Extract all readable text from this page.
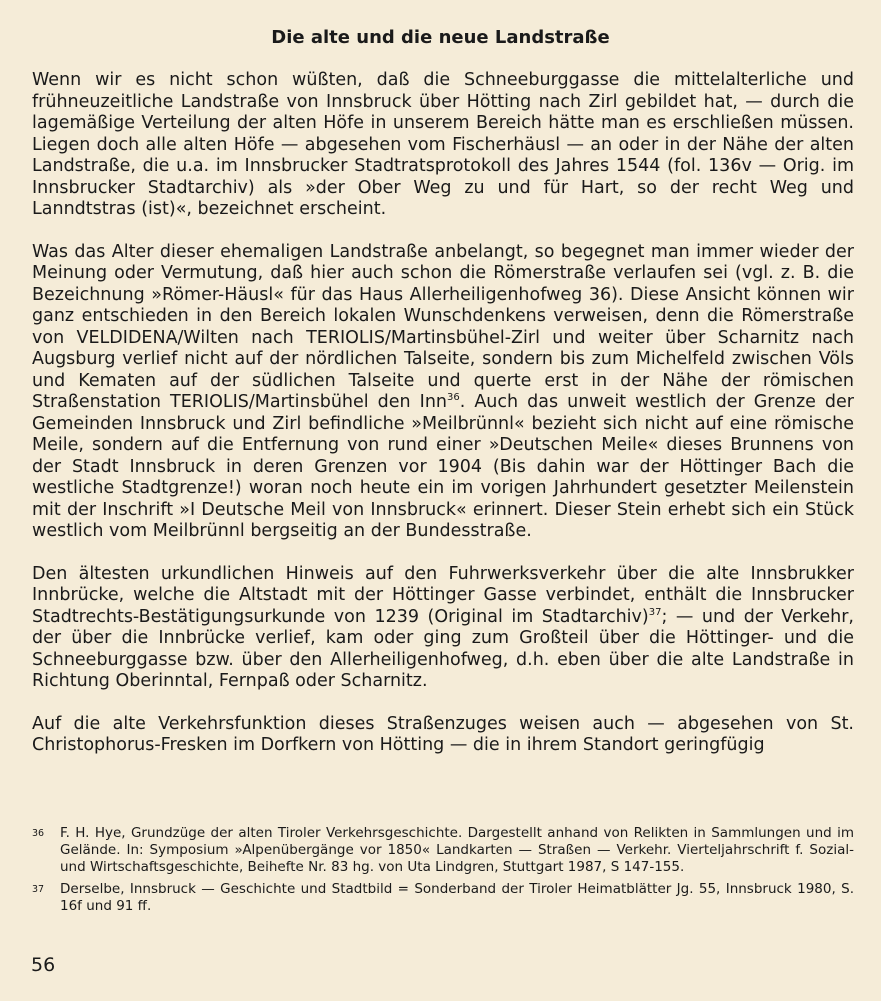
Die alte und die neue Landstraße

Wenn wir es nicht schon wüßten, daß die Schneeburggasse die mittelalterliche und frühneuzeitliche Landstraße von Innsbruck über Hötting nach Zirl gebildet hat, — durch die lagemäßige Verteilung der alten Höfe in unserem Bereich hätte man es erschließen müssen. Liegen doch alle alten Höfe — abgesehen vom Fischerhäusl — an oder in der Nähe der alten Landstraße, die u.a. im Innsbrucker Stadtratsprotokoll des Jahres 1544 (fol. 136v — Orig. im Innsbrucker Stadtarchiv) als »der Ober Weg zu und für Hart, so der recht Weg und Lanndtstras (ist)«, bezeichnet erscheint.

Was das Alter dieser ehemaligen Landstraße anbelangt, so begegnet man immer wieder der Meinung oder Vermutung, daß hier auch schon die Römerstraße verlaufen sei (vgl. z. B. die Bezeichnung »Römer-Häusl« für das Haus Allerheiligenhofweg 36). Diese Ansicht können wir ganz entschieden in den Bereich lokalen Wunschdenkens verweisen, denn die Römerstraße von VELDIDENA/Wilten nach TERIOLIS/Martinsbühel-Zirl und weiter über Scharnitz nach Augsburg verlief nicht auf der nördlichen Talseite, sondern bis zum Michelfeld zwischen Völs und Kematen auf der südlichen Talseite und querte erst in der Nähe der römischen Straßenstation TERIOLIS/Martinsbühel den Inn$^{36}$. Auch das unweit westlich der Grenze der Gemeinden Innsbruck und Zirl befindliche »Meilbrünnl« bezieht sich nicht auf eine römische Meile, sondern auf die Entfernung von rund einer »Deutschen Meile« dieses Brunnens von der Stadt Innsbruck in deren Grenzen vor 1904 (Bis dahin war der Höttinger Bach die westliche Stadtgrenze!) woran noch heute ein im vorigen Jahrhundert gesetzter Meilenstein mit der Inschrift »I Deutsche Meil von Innsbruck« erinnert. Dieser Stein erhebt sich ein Stück westlich vom Meilbrünnl bergseitig an der Bundesstraße.

Den ältesten urkundlichen Hinweis auf den Fuhrwerksverkehr über die alte Innsbrukker Innbrücke, welche die Altstadt mit der Höttinger Gasse verbindet, enthält die Innsbrucker Stadtrechts-Bestätigungsurkunde von 1239 (Original im Stadtarchiv)$^{37}$; — und der Verkehr, der über die Innbrücke verlief, kam oder ging zum Großteil über die Höttinger- und die Schneeburggasse bzw. über den Allerheiligenhofweg, d.h. eben über die alte Landstraße in Richtung Oberinntal, Fernpaß oder Scharnitz.

Auf die alte Verkehrsfunktion dieses Straßenzuges weisen auch — abgesehen von St. Christophorus-Fresken im Dorfkern von Hötting — die in ihrem Standort geringfügig

36	F. H. Hye, Grundzüge der alten Tiroler Verkehrsgeschichte. Dargestellt anhand von Relikten in Sammlungen und im Gelände. In: Symposium »Alpenübergänge vor 1850« Landkarten — Straßen — Verkehr. Vierteljahrschrift f. Sozial- und Wirtschaftsgeschichte, Beihefte Nr. 83 hg. von Uta Lindgren, Stuttgart 1987, S 147-155.
37	Derselbe, Innsbruck — Geschichte und Stadtbild = Sonderband der Tiroler Heimatblätter Jg. 55, Innsbruck 1980, S. 16f und 91 ff.
56
